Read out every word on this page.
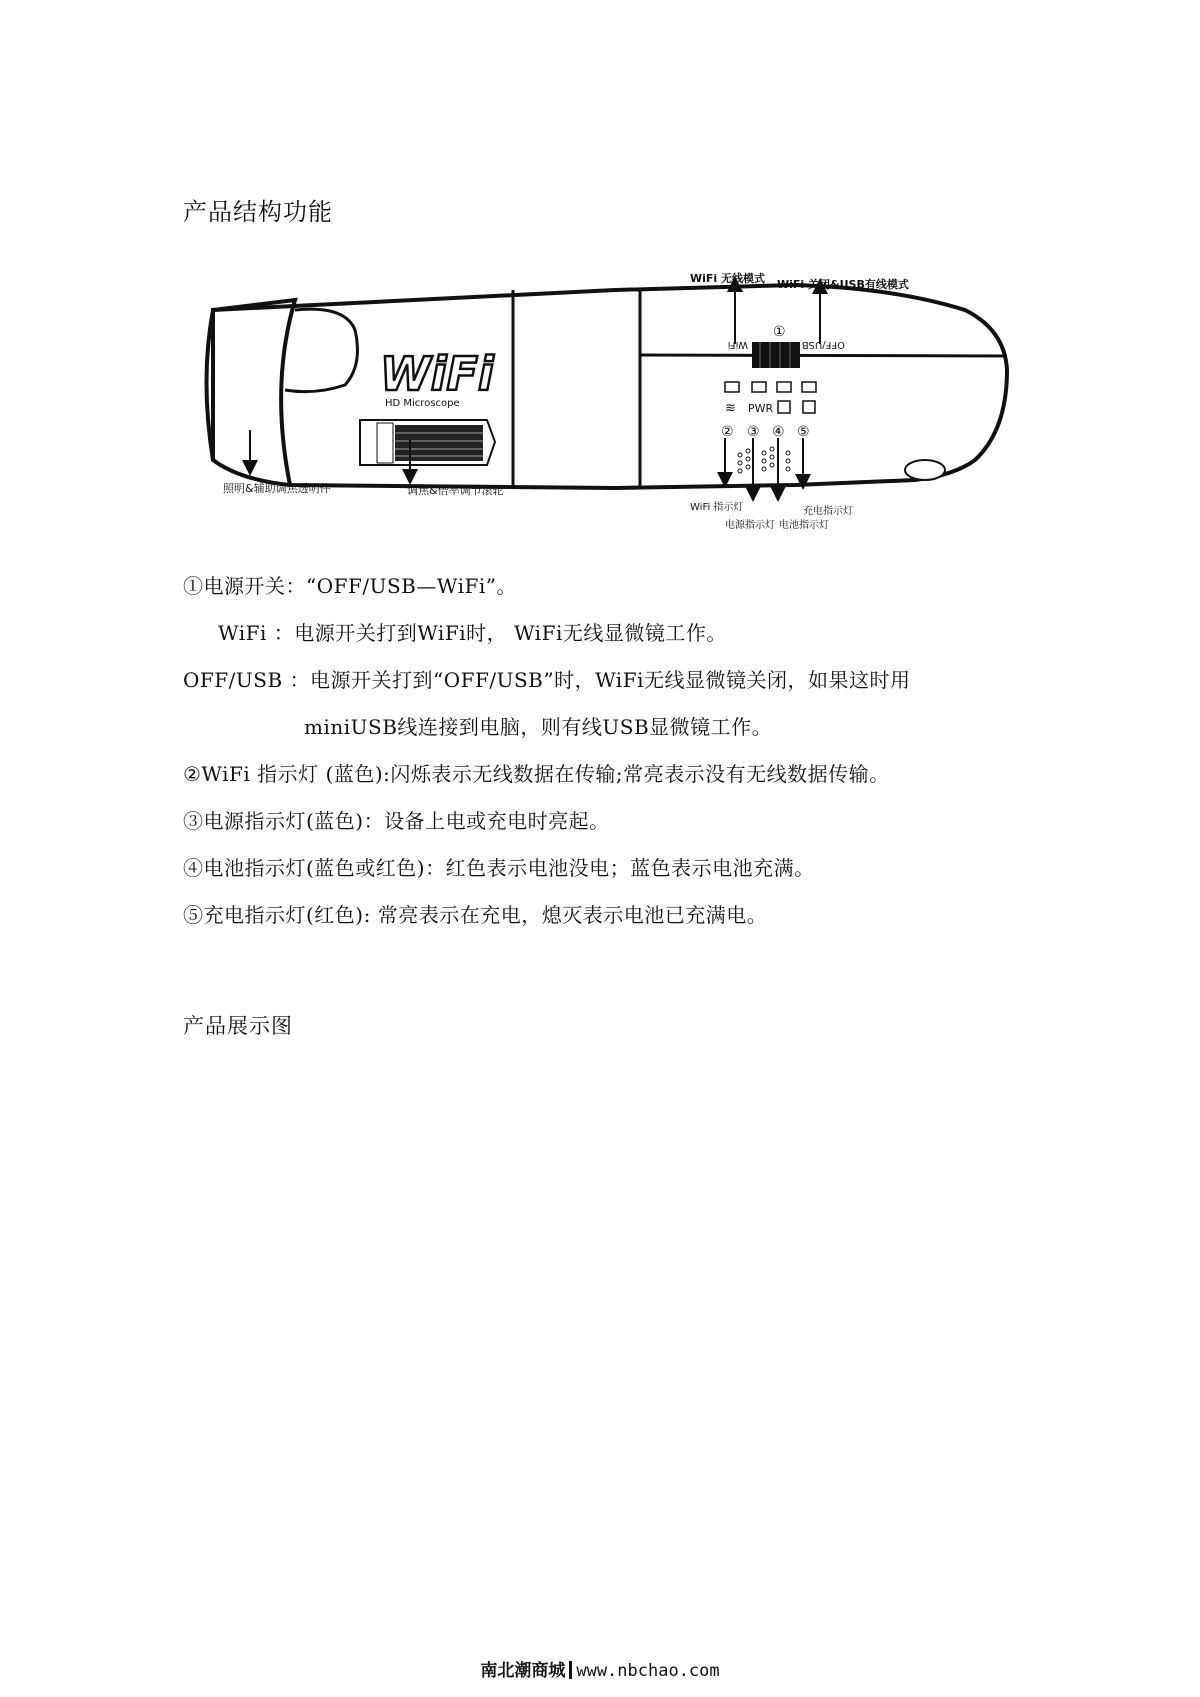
产品结构功能
WiFi
HD Microscope
WiFi	OFF/USB
①
≋ PWR
② ③ ④ ⑤
WiFi 无线模式 WiFi 关闭&USB有线模式
照明&辅助调焦透明件	调焦&倍率调节滚轮
WiFi 指示灯
电源指示灯 电池指示灯
充电指示灯
①电源开关：“OFF/USB—WiFi”。
WiFi ：电源开关打到WiFi时， WiFi无线显微镜工作。
OFF/USB ：电源开关打到“OFF/USB”时，WiFi无线显微镜关闭，如果这时用
miniUSB线连接到电脑，则有线USB显微镜工作。
②WiFi 指示灯 (蓝色):闪烁表示无线数据在传输;常亮表示没有无线数据传输。
③电源指示灯(蓝色)：设备上电或充电时亮起。
④电池指示灯(蓝色或红色)：红色表示电池没电；蓝色表示电池充满。
⑤充电指示灯(红色): 常亮表示在充电，熄灭表示电池已充满电。
产品展示图
南北潮商城 www.nbchao.com
